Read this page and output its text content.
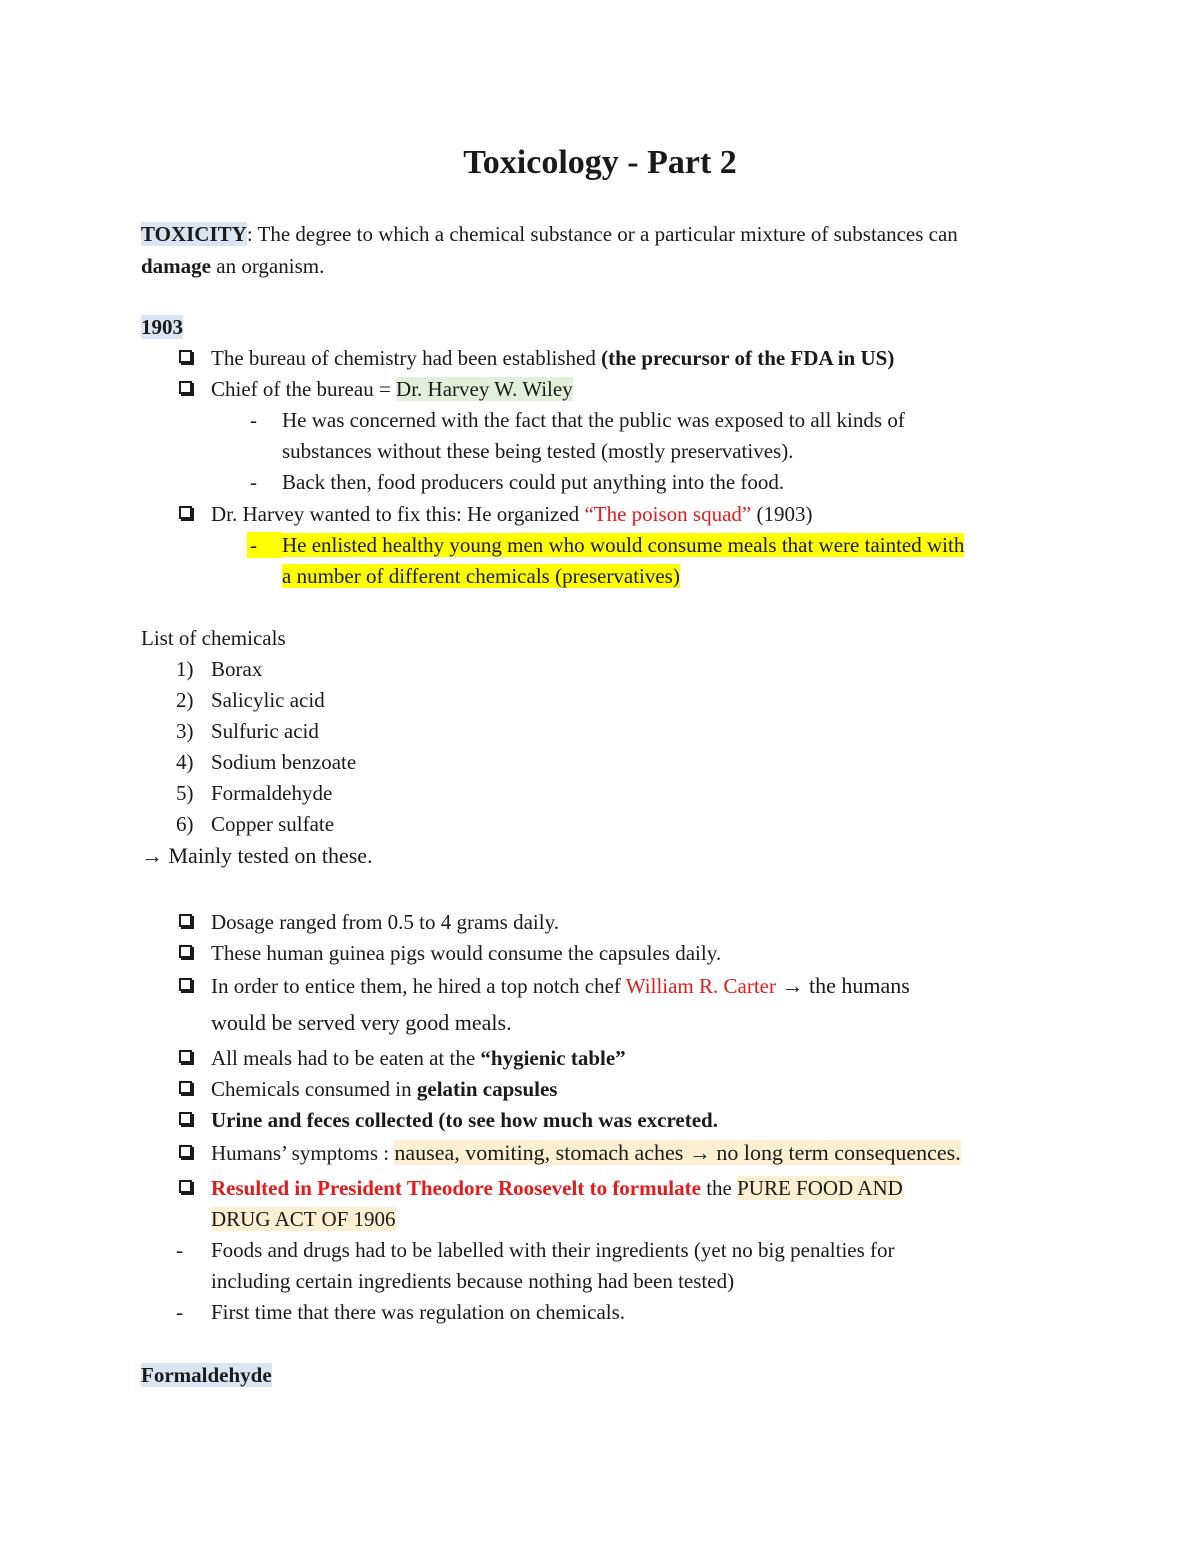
Toxicology - Part 2
TOXICITY: The degree to which a chemical substance or a particular mixture of substances can
damage an organism.
1903
The bureau of chemistry had been established (the precursor of the FDA in US)
Chief of the bureau = Dr. Harvey W. Wiley
- He was concerned with the fact that the public was exposed to all kinds of
substances without these being tested (mostly preservatives).
- Back then, food producers could put anything into the food.
Dr. Harvey wanted to fix this: He organized “The poison squad” (1903)
-	He enlisted healthy young men who would consume meals that were tainted with
a number of different chemicals (preservatives)
List of chemicals
1) Borax
2) Salicylic acid
3) Sulfuric acid
4) Sodium benzoate
5) Formaldehyde
6) Copper sulfate
→ Mainly tested on these.
Dosage ranged from 0.5 to 4 grams daily.
These human guinea pigs would consume the capsules daily.
In order to entice them, he hired a top notch chef William R. Carter → the humans
would be served very good meals.
All meals had to be eaten at the “hygienic table”
Chemicals consumed in gelatin capsules
Urine and feces collected (to see how much was excreted.
Humans’ symptoms : nausea, vomiting, stomach aches → no long term consequences.
Resulted in President Theodore Roosevelt to formulate the PURE FOOD AND
DRUG ACT OF 1906
- Foods and drugs had to be labelled with their ingredients (yet no big penalties for
including certain ingredients because nothing had been tested)
- First time that there was regulation on chemicals.
Formaldehyde
